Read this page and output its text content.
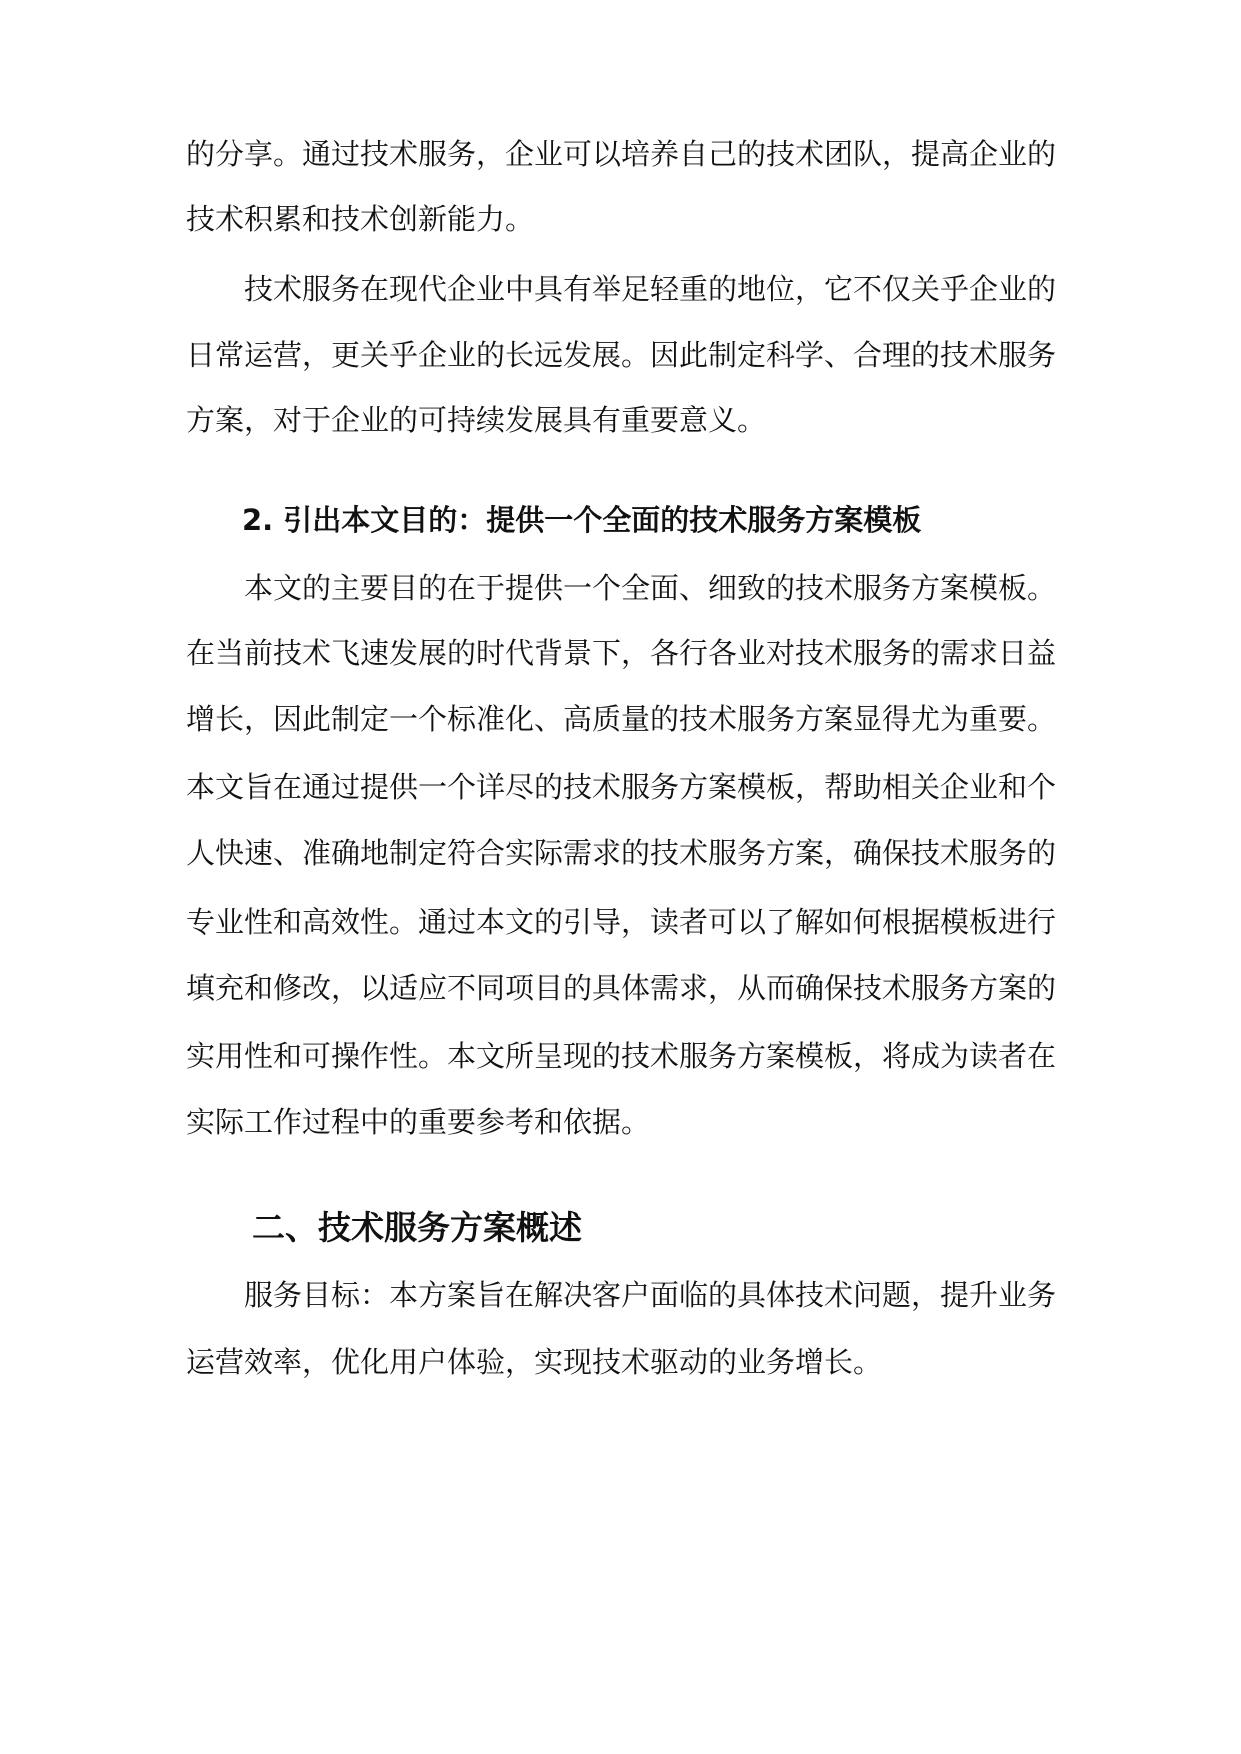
的分享。通过技术服务，企业可以培养自己的技术团队，提高企业的
技术积累和技术创新能力。
技术服务在现代企业中具有举足轻重的地位，它不仅关乎企业的
日常运营，更关乎企业的长远发展。因此制定科学、合理的技术服务
方案，对于企业的可持续发展具有重要意义。
2. 引出本文目的：提供一个全面的技术服务方案模板
本文的主要目的在于提供一个全面、细致的技术服务方案模板。
在当前技术飞速发展的时代背景下，各行各业对技术服务的需求日益
增长，因此制定一个标准化、高质量的技术服务方案显得尤为重要。
本文旨在通过提供一个详尽的技术服务方案模板，帮助相关企业和个
人快速、准确地制定符合实际需求的技术服务方案，确保技术服务的
专业性和高效性。通过本文的引导，读者可以了解如何根据模板进行
填充和修改，以适应不同项目的具体需求，从而确保技术服务方案的
实用性和可操作性。本文所呈现的技术服务方案模板，将成为读者在
实际工作过程中的重要参考和依据。
二、技术服务方案概述
服务目标：本方案旨在解决客户面临的具体技术问题，提升业务
运营效率，优化用户体验，实现技术驱动的业务增长。
